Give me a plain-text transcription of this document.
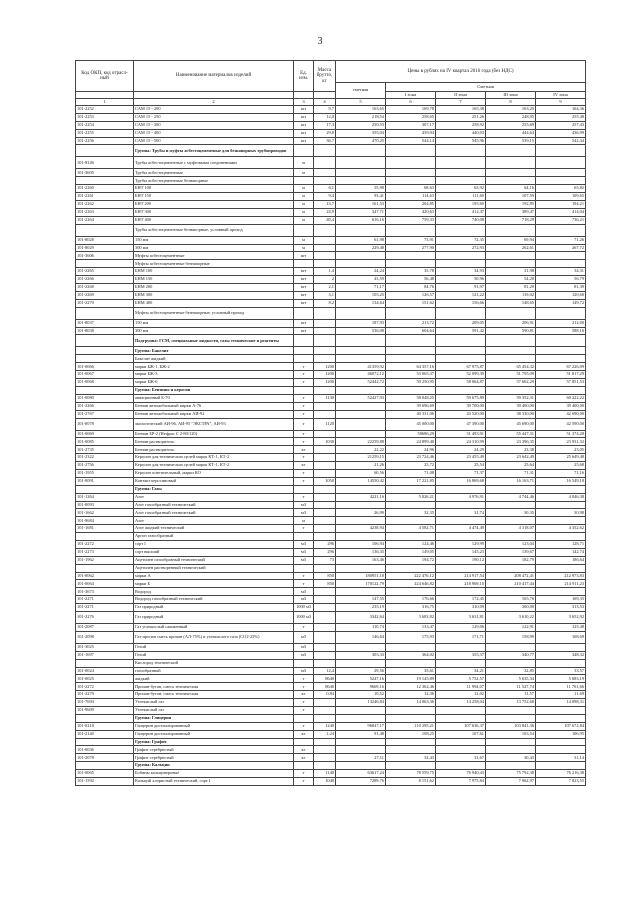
3
Код ОКП, код отрасл-ный	Наименование материалов изделий	Ед. изм.	Масса брутто, кг	Цены в рублях на IV квартал 2016 года (без НДС)				
				сметная	Сметная			
					I зона	II зона	III зона	IV зона
1	2	3	4	5	6	7	8	9
101-2252	САМ 15 - 200	шт	9,7	163,65	169,78	165,38	163,29	164,36
101-2253	САМ 15 - 250	шт	12,0	218,54	258,65	251,26	248,95	255,48
101-2254	САМ 15 - 300	шт	17,3	259,53	307,17	258,92	255,69	257,43
101-2255	САМ 15 - 400	шт	29,8	355,04	439,94	440,03	444,64	436,99
101-2256	САМ 15 - 500	шт	36,7	470,25	544,14	545,96	539,15	542,34
	Группа: Трубы и муфты асбестоцементные для безнапорных трубопроводов							
101-8146	Трубы асбестоцементные с муфтовыми соединениями	м						
101-3605	Трубы асбестоцементные	м						
	Трубы асбестоцементные безнапорные							
101-2260	БНТ 100	м	6,1	55,98	68,63	63,92	64,16	65,82
101-2261	БНТ 150	м	9,4	93,41	114,63	111,60	107,59	109,65
101-2262	БНТ 200	м	13,7	161,53	204,85	195,60	192,85	194,21
101-2263	БНТ 300	м	24,9	347,71	420,63	412,47	389,47	414,04
101-2264	БНТ 400	м	40,4	616,16	759,33	740,08	718,29	736,21
	Трубы асбестоцементные безнапорные, условный проход							
101-8028	150 мм	м		61,98	73,91	72,35	69,94	71,26
101-8029	300 мм	м		229,48	277,90	272,93	262,61	267,72
101-3606	Муфты асбестоцементные	шт						
	Муфты асбестоцементные безнапорные							
101-2265	БНМ 100	шт	1,4	24,24	35,78	34,93	31,98	34,31
101-2266	БНМ 150	шт	2	43,59	56,48	50,96	54,20	56,79
101-2268	БНМ 200	шт	2,1	71,17	84,76	91,97	81,29	81,39
101-2269	БНМ 300	шт	3,1	105,25	126,57	121,22	119,02	120,60
101-2270	БНМ 400	шт	8,2	134,64	151,62	156,66	148,65	149,72
	Муфты асбестоцементные безнапорные, условный проход							
101-8037	150 мм	шт		187,93	213,72	209,05	206,91	212,00
101-8038	300 мм	шт		536,08	604,64	591,42	590,81	588,16
	Подгруппа: ГСМ, специальные жидкости, газы технические и реагенты							
	Группа: Бакелит							
	Бакелит жидкий							
101-0066	марки БЖ-1, БЖ-2	т	1200	41359,92	64 357,16	67 975,87	65 454,32	67 226,09
101-0067	марки БЖ-3	т	1200	46072,12	53 065,37	52 099,39	51 795,09	51 817,29
101-0068	марки БЖ-6	т	1200	52442,72	59 250,95	58 064,87	57 662,29	57 851,53
	Группа: Бензины и керосин							
101-0080	авиационный Б-70	т	1130	52427,93	58 048,25	59 675,89	59 352,31	60 222,22
101-2266	Бензин автомобильный марки А-76	т			39 696,69	39 700,00	39 400,00	39 400,00
101-2767	Бензин автомобильный марки АИ-92	т			40 331,06	43 520,00	38 330,00	42 690,00
101-0078	экологический АИ-96, АИ-95 "ЭКСТРА", АИ-93	т	1120		45 000,00	47 390,00	45 690,00	42 590,00
101-0069	Бензин БР-2 (Нефрас С 2-80/120)	т			50686,29	51 493,91	55 447,31	51 374,28
101-0085	Бензин растворитель	т	1030	22259,88	24 899,40	24 310,99	23 396,35	23 931,32
101-2735	Бензин растворитель	кг		22,22	24,96	24,29	23,38	23,05
101-2322	Керосин для технических целей марок КТ-1, КТ-2	т		21259,15	23 724,46	23 455,49	23 642,49	25 649,48
101-2756	Керосин для технических целей марок КТ-1, КТ-2	кг		21,26	25,72	25,54	25,64	25,68
101-1955	Керосин осветительный, марки КО	т		60,56	71,08	71,37	71,31	71,16
101-0091	Контакт керосиновый	т	1050	14550,42	17 221,85	16 869,68	16 163,71	16 549,18
	Группа: Газы							
101-1264	Азот	т		4221,16	5 026,21	4 976,91	4 744,46	4 846,38
101-0093	Азот газообразный технический	м3						
101-1662	Азот газообразный технический	м3		26,99	32,35	31,74	30,35	30,98
101-9684	Азот	м						
101-1681	Азот жидкий технический	т		4238,94	4 582,71	4 474,49	4 318,07	4 352,62
	Аргон газообразный							
101-2272	сорт I	м3	296	106,94	124,46	129,99	123,04	128,71
101-2273	сорт высший	м3	296	136,35	149,05	145,23	139,67	142,74
101-1962	Ацетилен газообразный технический	м3	73	163,46	194,72	190,12	182,79	186,64
	Ацетилен растворенный технический							
101-0062	марки А	т	850	180951,18	222 476,12	214 917,54	208 472,41	212 973,83
101-0064	марки Б	т	850	170122,79	224 646,82	218 969,10	210 417,44	214 911,23
101-3673	Водород	м3						
101-2271	Водород газообразный технический	м3		147,55	176,66	172,45	165,76	169,35
101-2271	Газ природный	1000 м3		235,19	316,75	310,09	300,00	313,53
101-2276	Газ природный	1000 м3		3342,64	3 683,82	3 631,81	3 610,22	3 652,92
101-2087	Газ углекислый сжиженный	т		110,74	133,47	129,06	122,91	125,48
101-2098	Газ-пропан смесь пропан (АЛ-75%) и углекислого газа (СО2-25%)	м3		146,64	175,93	171,71	158,99	168,69
101-3025	Гелий	м3						
101-1697	Гелий	м3		303,33	364,02	355,37	340,77	348,32
	Кислород технический							
101-0024	газообразный	м3	12,4	29,56	35,61	34,21	32,85	33,57
101-0025	жидкий	т	8640	5247,16	19 145,89	5 752,57	5 635,34	5 683,19
101-2272	Пропан-бутан, смесь техническая	т	8640	9669,16	12 362,46	11 994,07	11 527,74	11 761,66
101-2279	Пропан-бутан, смесь техническая	кг	0,84	10,52	12,36	12,02	11,57	11,69
101-7694	Углекислый газ	т		13246,84	14 063,36	14 258,04	13 752,68	14 098,31
101-9609	Углекислый газ	т						
	Группа: Глицерин							
101-0218	Глицерин дистиллированный	т	1240	96847,17	110 295,21	107 636,37	103 841,36	107 672,84
101-2140	Глицерин дистиллированный	кг	1,24	91,48	108,25	107,61	103,54	106,95
	Группа: Графит							
101-0036	Графит серебристый	кг						
101-2078	Графит серебристый	кг		27,11	32,43	31,67	30,43	31,14
	Группа: Кальцин							
101-0065	Бобины кальцинеровые	т	1140	63617,24	78 559,75	76 940,43	75 792,38	76 216,38
101-1592	Кальций хлористый технический, сорт I	т	1040	7289,76	8 151,62	7 975,84	7 962,97	7 823,55
